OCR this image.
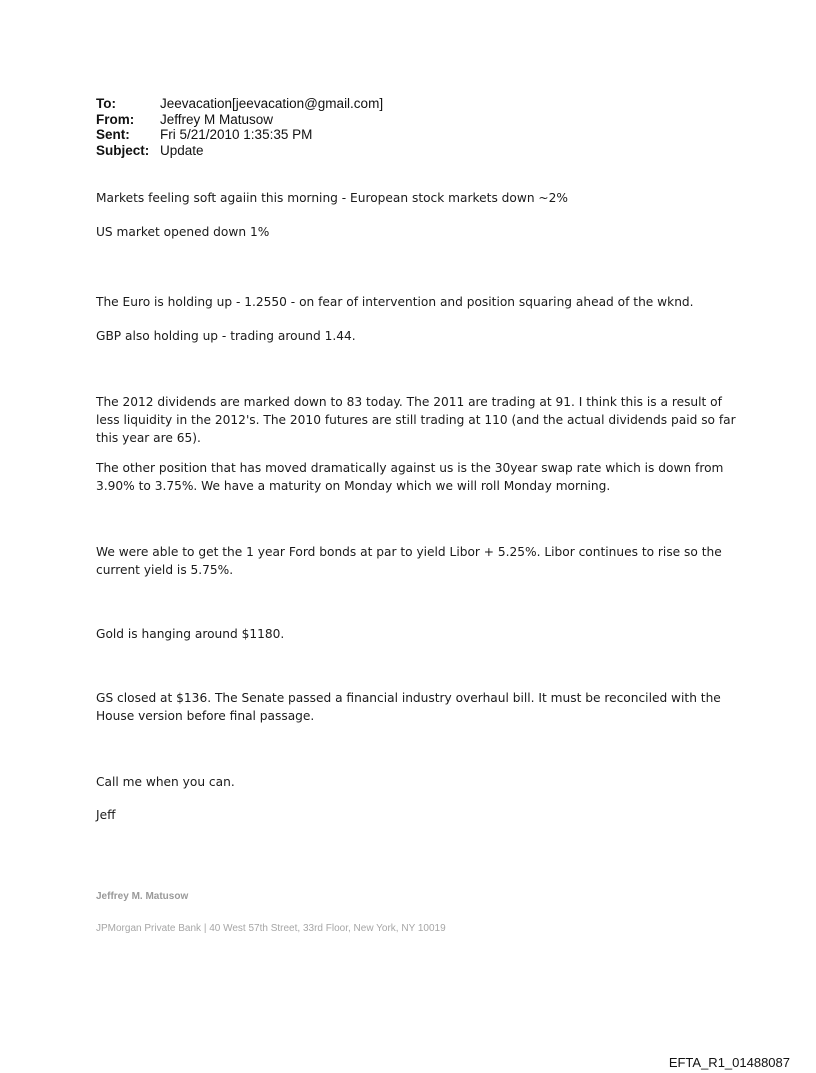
To:	Jeevacation[jeevacation@gmail.com]
From:	Jeffrey M Matusow
Sent:	Fri 5/21/2010 1:35:35 PM
Subject: Update

Markets feeling soft agaiin this morning - European stock markets down ~2%

US market opened down 1%

The Euro is holding up - 1.2550 - on fear of intervention and position squaring ahead of the wknd.

GBP also holding up - trading around 1.44.

The 2012 dividends are marked down to 83 today. The 2011 are trading at 91. I think this is a result of less liquidity in the 2012's. The 2010 futures are still trading at 110 (and the actual dividends paid so far this year are 65).

The other position that has moved dramatically against us is the 30year swap rate which is down from 3.90% to 3.75%. We have a maturity on Monday which we will roll Monday morning.

We were able to get the 1 year Ford bonds at par to yield Libor + 5.25%. Libor continues to rise so the current yield is 5.75%.

Gold is hanging around $1180.

GS closed at $136. The Senate passed a financial industry overhaul bill. It must be reconciled with the House version before final passage.

Call me when you can.

Jeff

Jeffrey M. Matusow
JPMorgan Private Bank | 40 West 57th Street, 33rd Floor, New York, NY 10019
EFTA_R1_01488087
